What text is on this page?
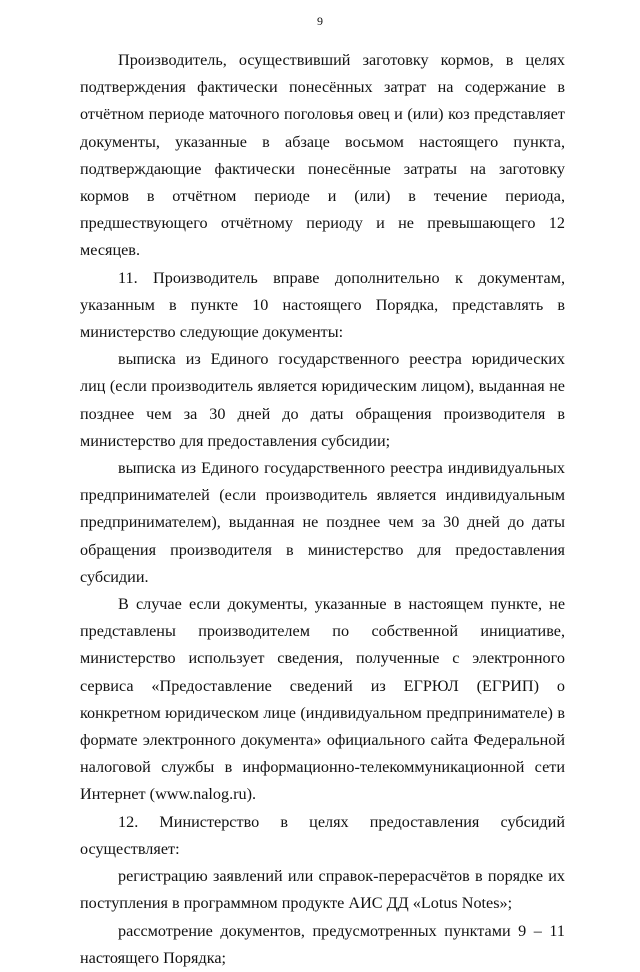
9

Производитель, осуществивший заготовку кормов, в целях подтверждения фактически понесённых затрат на содержание в отчётном периоде маточного поголовья овец и (или) коз представляет документы, указанные в абзаце восьмом настоящего пункта, подтверждающие фактически понесённые затраты на заготовку кормов в отчётном периоде и (или) в течение периода, предшествующего отчётному периоду и не превышающего 12 месяцев.

11. Производитель вправе дополнительно к документам, указанным в пункте 10 настоящего Порядка, представлять в министерство следующие документы:

выписка из Единого государственного реестра юридических лиц (если производитель является юридическим лицом), выданная не позднее чем за 30 дней до даты обращения производителя в министерство для предоставления субсидии;

выписка из Единого государственного реестра индивидуальных предпринимателей (если производитель является индивидуальным предпринимателем), выданная не позднее чем за 30 дней до даты обращения производителя в министерство для предоставления субсидии.

В случае если документы, указанные в настоящем пункте, не представлены производителем по собственной инициативе, министерство использует сведения, полученные с электронного сервиса «Предоставление сведений из ЕГРЮЛ (ЕГРИП) о конкретном юридическом лице (индивидуальном предпринимателе) в формате электронного документа» официального сайта Федеральной налоговой службы в информационно-телекоммуникационной сети Интернет (www.nalog.ru).

12. Министерство в целях предоставления субсидий осуществляет:

регистрацию заявлений или справок-перерасчётов в порядке их поступления в программном продукте АИС ДД «Lotus Notes»;

рассмотрение документов, предусмотренных пунктами 9 – 11 настоящего Порядка;
